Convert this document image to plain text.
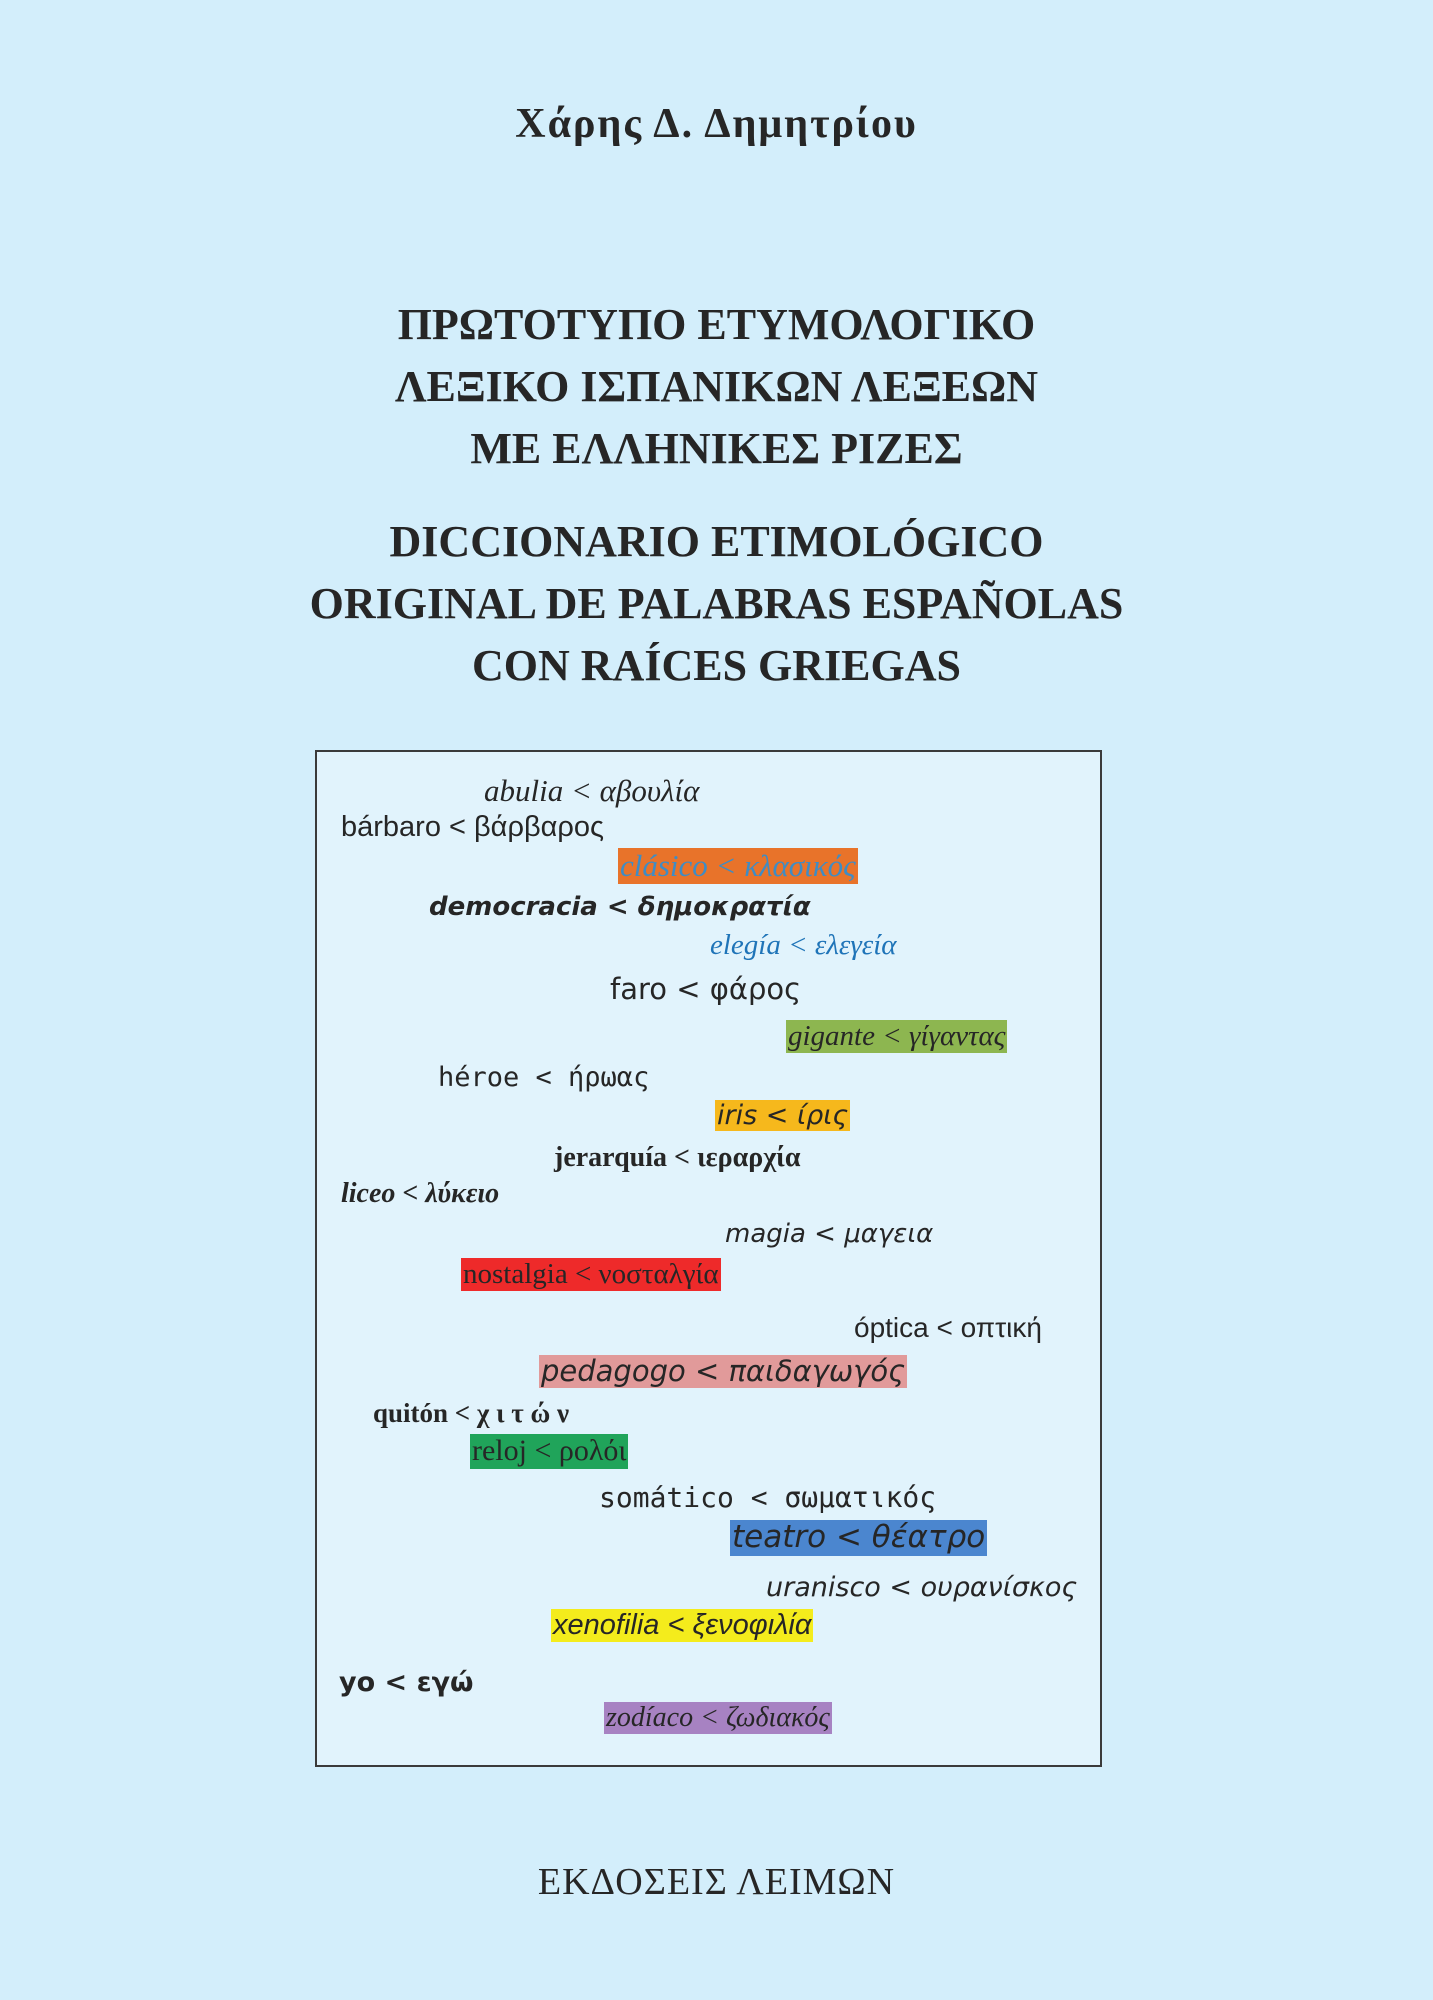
Χάρης Δ. Δημητρίου
ΠΡΩΤΟΤΥΠΟ ΕΤΥΜΟΛΟΓΙΚΟ
ΛΕΞΙΚΟ ΙΣΠΑΝΙΚΩΝ ΛΕΞΕΩΝ
ΜΕ ΕΛΛΗΝΙΚΕΣ ΡΙΖΕΣ
DICCIONARIO ETIMOLÓGICO
ORIGINAL DE PALABRAS ESPAÑOLAS
CON RAÍCES GRIEGAS
abulia < αβουλία
bárbaro < βάρβαρος
clásico < κλασικός
democracia < δημοκρατία
elegía < ελεγεία
faro < φάρος
gigante < γίγαντας
héroe < ήρωας
iris < ίρις
jerarquía < ιεραρχία
liceo < λύκειο
magia < μαγεια
nostalgia < νοσταλγία
óptica < οπτική
pedagogo < παιδαγωγός
quitón < χ ι τ ώ ν
reloj < ρολόι
somático < σωματικός
teatro < θέατρο
uranisco < ουρανίσκος
xenofilia < ξενοφιλία
yo < εγώ
zodíaco < ζωδιακός
ΕΚΔΟΣΕΙΣ ΛΕΙΜΩΝ
